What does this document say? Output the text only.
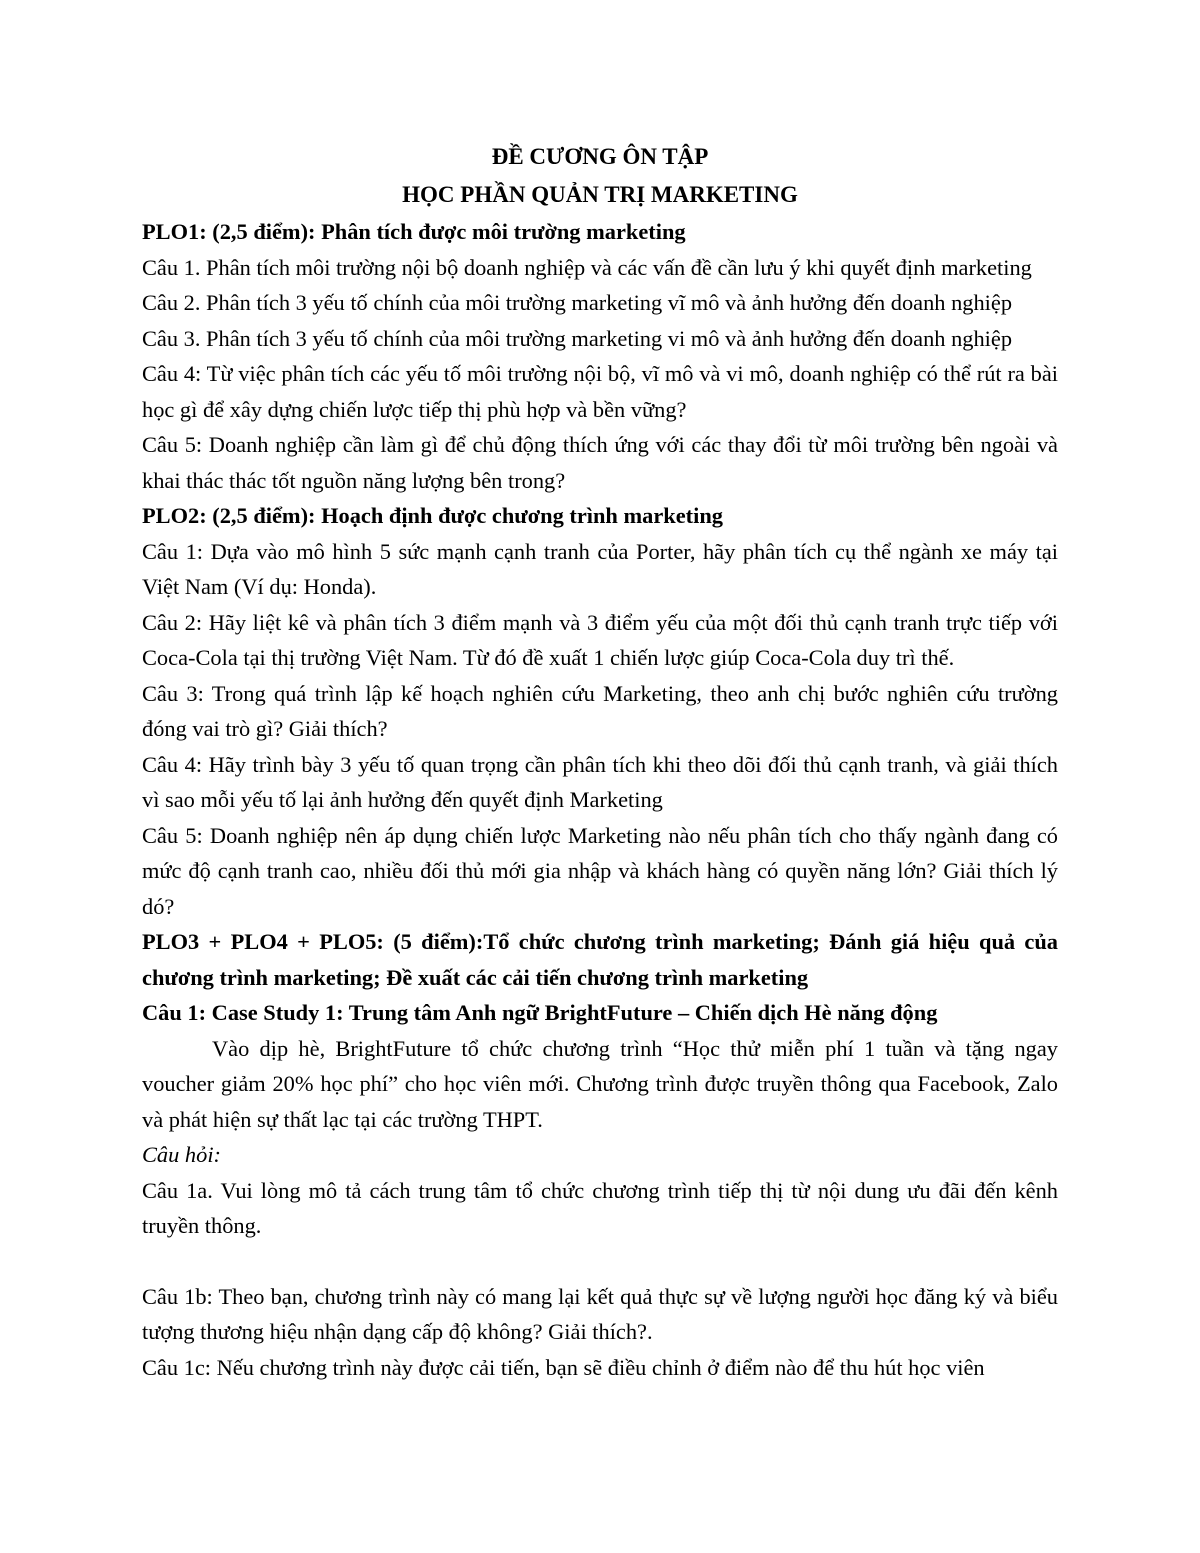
ĐỀ CƯƠNG ÔN TẬP

HỌC PHẦN QUẢN TRỊ MARKETING

PLO1: (2,5 điểm): Phân tích được môi trường marketing

Câu 1. Phân tích môi trường nội bộ doanh nghiệp và các vấn đề cần lưu ý khi quyết định marketing

Câu 2. Phân tích 3 yếu tố chính của môi trường marketing vĩ mô và ảnh hưởng đến doanh nghiệp

Câu 3. Phân tích 3 yếu tố chính của môi trường marketing vi mô và ảnh hưởng đến doanh nghiệp

Câu 4: Từ việc phân tích các yếu tố môi trường nội bộ, vĩ mô và vi mô, doanh nghiệp có thể rút ra bài học gì để xây dựng chiến lược tiếp thị phù hợp và bền vững?

Câu 5: Doanh nghiệp cần làm gì để chủ động thích ứng với các thay đổi từ môi trường bên ngoài và khai thác thác tốt nguồn năng lượng bên trong?

PLO2: (2,5 điểm): Hoạch định được chương trình marketing

Câu 1: Dựa vào mô hình 5 sức mạnh cạnh tranh của Porter, hãy phân tích cụ thể ngành xe máy tại Việt Nam (Ví dụ: Honda).

Câu 2: Hãy liệt kê và phân tích 3 điểm mạnh và 3 điểm yếu của một đối thủ cạnh tranh trực tiếp với Coca-Cola tại thị trường Việt Nam. Từ đó đề xuất 1 chiến lược giúp Coca-Cola duy trì thế.

Câu 3: Trong quá trình lập kế hoạch nghiên cứu Marketing, theo anh chị bước nghiên cứu trường đóng vai trò gì? Giải thích?

Câu 4: Hãy trình bày 3 yếu tố quan trọng cần phân tích khi theo dõi đối thủ cạnh tranh, và giải thích vì sao mỗi yếu tố lại ảnh hưởng đến quyết định Marketing

Câu 5: Doanh nghiệp nên áp dụng chiến lược Marketing nào nếu phân tích cho thấy ngành đang có mức độ cạnh tranh cao, nhiều đối thủ mới gia nhập và khách hàng có quyền năng lớn? Giải thích lý dó?

PLO3 + PLO4 + PLO5: (5 điểm):Tổ chức chương trình marketing; Đánh giá hiệu quả của chương trình marketing; Đề xuất các cải tiến chương trình marketing

Câu 1: Case Study 1: Trung tâm Anh ngữ BrightFuture – Chiến dịch Hè năng động

Vào dịp hè, BrightFuture tổ chức chương trình “Học thử miễn phí 1 tuần và tặng ngay voucher giảm 20% học phí” cho học viên mới. Chương trình được truyền thông qua Facebook, Zalo và phát hiện sự thất lạc tại các trường THPT.

Câu hỏi:

Câu 1a. Vui lòng mô tả cách trung tâm tổ chức chương trình tiếp thị từ nội dung ưu đãi đến kênh truyền thông.

Câu 1b: Theo bạn, chương trình này có mang lại kết quả thực sự về lượng người học đăng ký và biểu tượng thương hiệu nhận dạng cấp độ không? Giải thích?.

Câu 1c: Nếu chương trình này được cải tiến, bạn sẽ điều chỉnh ở điểm nào để thu hút học viên
